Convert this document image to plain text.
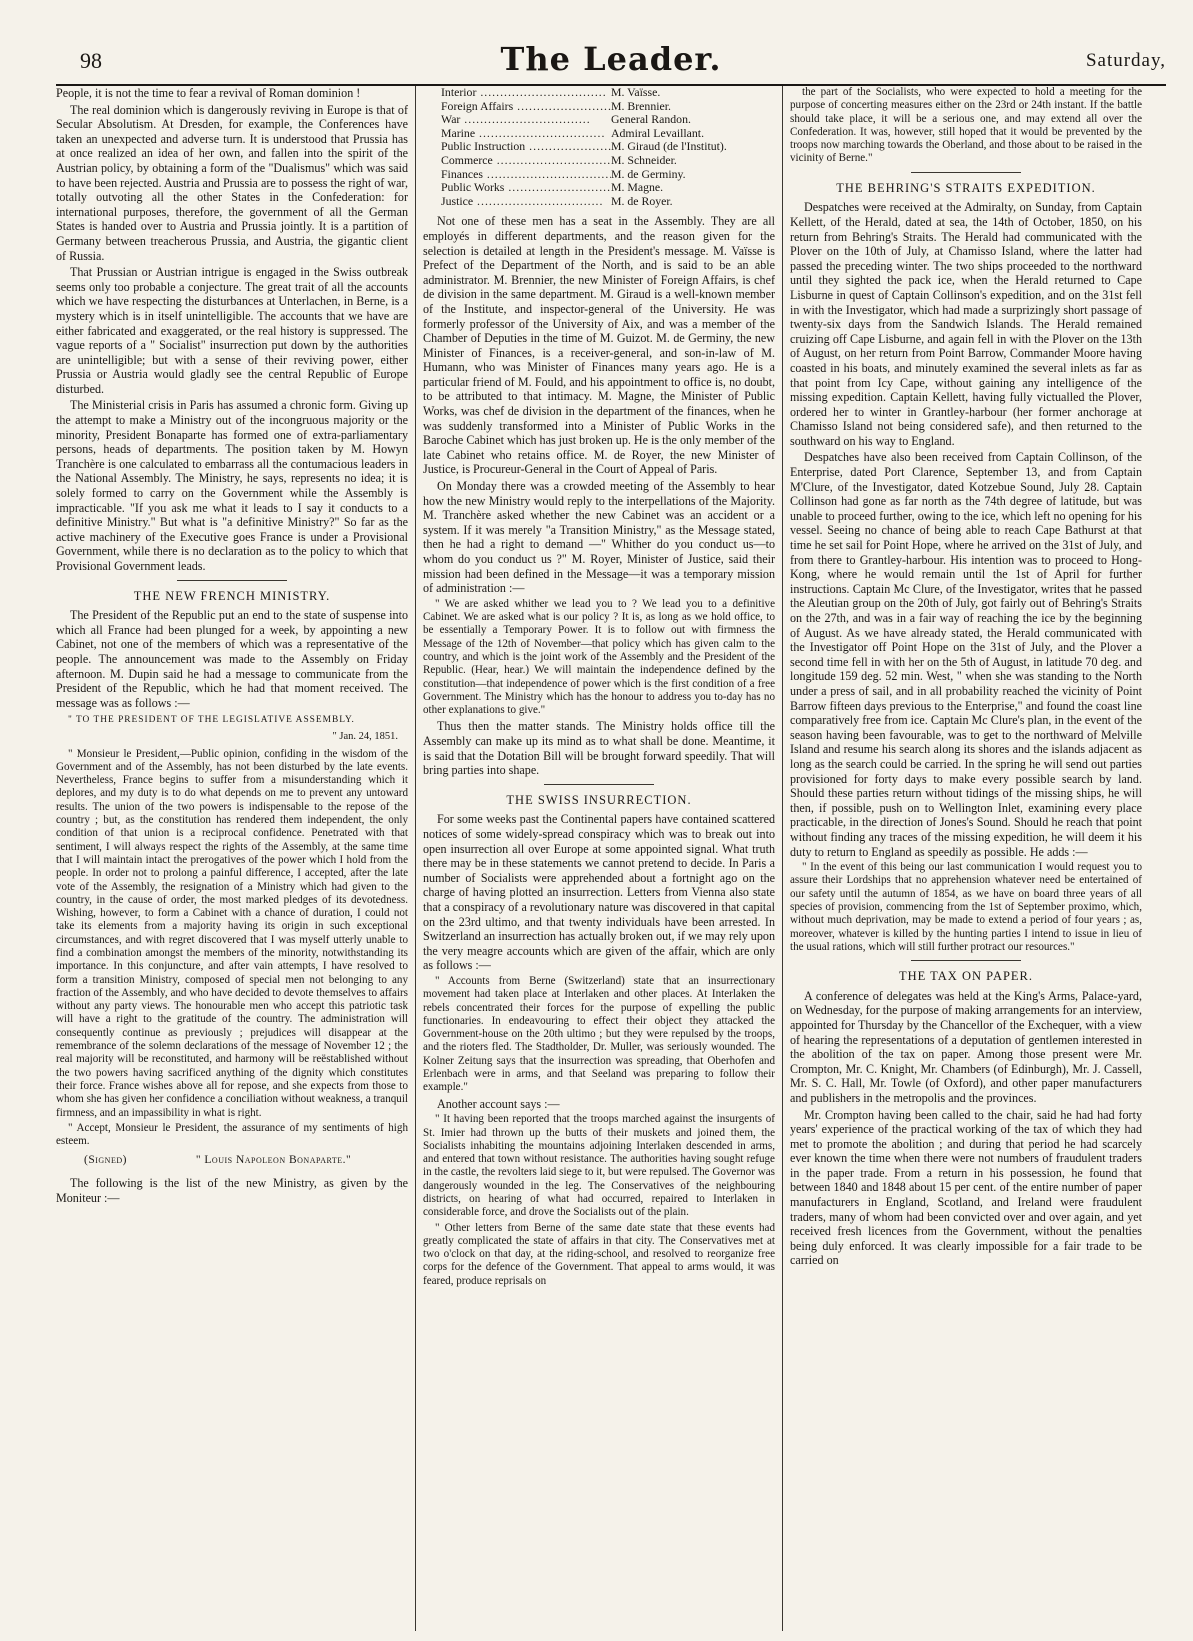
98	The Leader.	Saturday,

People, it is not the time to fear a revival of Roman dominion !

The real dominion which is dangerously reviving in Europe is that of Secular Absolutism. At Dresden, for example, the Conferences have taken an unexpected and adverse turn. It is understood that Prussia has at once realized an idea of her own, and fallen into the spirit of the Austrian policy, by obtaining a form of the "Dualismus" which was said to have been rejected. Austria and Prussia are to possess the right of war, totally outvoting all the other States in the Confederation: for international purposes, therefore, the government of all the German States is handed over to Austria and Prussia jointly. It is a partition of Germany between treacherous Prussia, and Austria, the gigantic client of Russia.

That Prussian or Austrian intrigue is engaged in the Swiss outbreak seems only too probable a conjecture. The great trait of all the accounts which we have respecting the disturbances at Unterlachen, in Berne, is a mystery which is in itself unintelligible. The accounts that we have are either fabricated and exaggerated, or the real history is suppressed. The vague reports of a " Socialist" insurrection put down by the authorities are unintelligible; but with a sense of their reviving power, either Prussia or Austria would gladly see the central Republic of Europe disturbed.

The Ministerial crisis in Paris has assumed a chronic form. Giving up the attempt to make a Ministry out of the incongruous majority or the minority, President Bonaparte has formed one of extra-parliamentary persons, heads of departments. The position taken by M. Howyn Tranchère is one calculated to embarrass all the contumacious leaders in the National Assembly. The Ministry, he says, represents no idea; it is solely formed to carry on the Government while the Assembly is impracticable. "If you ask me what it leads to I say it conducts to a definitive Ministry." But what is "a definitive Ministry?" So far as the active machinery of the Executive goes France is under a Provisional Government, while there is no declaration as to the policy to which that Provisional Government leads.

THE NEW FRENCH MINISTRY.

The President of the Republic put an end to the state of suspense into which all France had been plunged for a week, by appointing a new Cabinet, not one of the members of which was a representative of the people. The announcement was made to the Assembly on Friday afternoon. M. Dupin said he had a message to communicate from the President of the Republic, which he had that moment received. The message was as follows :—

" TO THE PRESIDENT OF THE LEGISLATIVE ASSEMBLY.

" Jan. 24, 1851.

" Monsieur le President,—Public opinion, confiding in the wisdom of the Government and of the Assembly, has not been disturbed by the late events. Nevertheless, France begins to suffer from a misunderstanding which it deplores, and my duty is to do what depends on me to prevent any untoward results. The union of the two powers is indispensable to the repose of the country ; but, as the constitution has rendered them independent, the only condition of that union is a reciprocal confidence. Penetrated with that sentiment, I will always respect the rights of the Assembly, at the same time that I will maintain intact the prerogatives of the power which I hold from the people. In order not to prolong a painful difference, I accepted, after the late vote of the Assembly, the resignation of a Ministry which had given to the country, in the cause of order, the most marked pledges of its devotedness. Wishing, however, to form a Cabinet with a chance of duration, I could not take its elements from a majority having its origin in such exceptional circumstances, and with regret discovered that I was myself utterly unable to find a combination amongst the members of the minority, notwithstanding its importance. In this conjuncture, and after vain attempts, I have resolved to form a transition Ministry, composed of special men not belonging to any fraction of the Assembly, and who have decided to devote themselves to affairs without any party views. The honourable men who accept this patriotic task will have a right to the gratitude of the country. The administration will consequently continue as previously ; prejudices will disappear at the remembrance of the solemn declarations of the message of November 12 ; the real majority will be reconstituted, and harmony will be reëstablished without the two powers having sacrificed anything of the dignity which constitutes their force. France wishes above all for repose, and she expects from those to whom she has given her confidence a conciliation without weakness, a tranquil firmness, and an impassibility in what is right.

" Accept, Monsieur le President, the assurance of my sentiments of high esteem.

(Signed)	" Louis Napoleon Bonaparte."

The following is the list of the new Ministry, as given by the Moniteur :—

Interior .....	M. Vaïsse.
Foreign Affairs .....	M. Brennier.
War .....	General Randon.
Marine .....	Admiral Levaillant.
Public Instruction .....	M. Giraud (de l'Institut).
Commerce .....	M. Schneider.
Finances .....	M. de Germiny.
Public Works .....	M. Magne.
Justice .....	M. de Royer.

Not one of these men has a seat in the Assembly. They are all employés in different departments, and the reason given for the selection is detailed at length in the President's message. M. Vaïsse is Prefect of the Department of the North, and is said to be an able administrator. M. Brennier, the new Minister of Foreign Affairs, is chef de division in the same department. M. Giraud is a well-known member of the Institute, and inspector-general of the University. He was formerly professor of the University of Aix, and was a member of the Chamber of Deputies in the time of M. Guizot. M. de Germiny, the new Minister of Finances, is a receiver-general, and son-in-law of M. Humann, who was Minister of Finances many years ago. He is a particular friend of M. Fould, and his appointment to office is, no doubt, to be attributed to that intimacy. M. Magne, the Minister of Public Works, was chef de division in the department of the finances, when he was suddenly transformed into a Minister of Public Works in the Baroche Cabinet which has just broken up. He is the only member of the late Cabinet who retains office. M. de Royer, the new Minister of Justice, is Procureur-General in the Court of Appeal of Paris.

On Monday there was a crowded meeting of the Assembly to hear how the new Ministry would reply to the interpellations of the Majority. M. Tranchère asked whether the new Cabinet was an accident or a system. If it was merely "a Transition Ministry," as the Message stated, then he had a right to demand —" Whither do you conduct us—to whom do you conduct us ?" M. Royer, Minister of Justice, said their mission had been defined in the Message—it was a temporary mission of administration :—

" We are asked whither we lead you to ? We lead you to a definitive Cabinet. We are asked what is our policy ? It is, as long as we hold office, to be essentially a Temporary Power. It is to follow out with firmness the Message of the 12th of November—that policy which has given calm to the country, and which is the joint work of the Assembly and the President of the Republic. (Hear, hear.) We will maintain the independence defined by the constitution—that independence of power which is the first condition of a free Government. The Ministry which has the honour to address you to-day has no other explanations to give."

Thus then the matter stands. The Ministry holds office till the Assembly can make up its mind as to what shall be done. Meantime, it is said that the Dotation Bill will be brought forward speedily. That will bring parties into shape.

THE SWISS INSURRECTION.

For some weeks past the Continental papers have contained scattered notices of some widely-spread conspiracy which was to break out into open insurrection all over Europe at some appointed signal. What truth there may be in these statements we cannot pretend to decide. In Paris a number of Socialists were apprehended about a fortnight ago on the charge of having plotted an insurrection. Letters from Vienna also state that a conspiracy of a revolutionary nature was discovered in that capital on the 23rd ultimo, and that twenty individuals have been arrested. In Switzerland an insurrection has actually broken out, if we may rely upon the very meagre accounts which are given of the affair, which are only as follows :—

" Accounts from Berne (Switzerland) state that an insurrectionary movement had taken place at Interlaken and other places. At Interlaken the rebels concentrated their forces for the purpose of expelling the public functionaries. In endeavouring to effect their object they attacked the Government-house on the 20th ultimo ; but they were repulsed by the troops, and the rioters fled. The Stadtholder, Dr. Muller, was seriously wounded. The Kolner Zeitung says that the insurrection was spreading, that Oberhofen and Erlenbach were in arms, and that Seeland was preparing to follow their example."

Another account says :—

" It having been reported that the troops marched against the insurgents of St. Imier had thrown up the butts of their muskets and joined them, the Socialists inhabiting the mountains adjoining Interlaken descended in arms, and entered that town without resistance. The authorities having sought refuge in the castle, the revolters laid siege to it, but were repulsed. The Governor was dangerously wounded in the leg. The Conservatives of the neighbouring districts, on hearing of what had occurred, repaired to Interlaken in considerable force, and drove the Socialists out of the plain.

" Other letters from Berne of the same date state that these events had greatly complicated the state of affairs in that city. The Conservatives met at two o'clock on that day, at the riding-school, and resolved to reorganize free corps for the defence of the Government. That appeal to arms would, it was feared, produce reprisals on

the part of the Socialists, who were expected to hold a meeting for the purpose of concerting measures either on the 23rd or 24th instant. If the battle should take place, it will be a serious one, and may extend all over the Confederation. It was, however, still hoped that it would be prevented by the troops now marching towards the Oberland, and those about to be raised in the vicinity of Berne."

THE BEHRING'S STRAITS EXPEDITION.

Despatches were received at the Admiralty, on Sunday, from Captain Kellett, of the Herald, dated at sea, the 14th of October, 1850, on his return from Behring's Straits. The Herald had communicated with the Plover on the 10th of July, at Chamisso Island, where the latter had passed the preceding winter. The two ships proceeded to the northward until they sighted the pack ice, when the Herald returned to Cape Lisburne in quest of Captain Collinson's expedition, and on the 31st fell in with the Investigator, which had made a surprizingly short passage of twenty-six days from the Sandwich Islands. The Herald remained cruizing off Cape Lisburne, and again fell in with the Plover on the 13th of August, on her return from Point Barrow, Commander Moore having coasted in his boats, and minutely examined the several inlets as far as that point from Icy Cape, without gaining any intelligence of the missing expedition. Captain Kellett, having fully victualled the Plover, ordered her to winter in Grantley-harbour (her former anchorage at Chamisso Island not being considered safe), and then returned to the southward on his way to England.

Despatches have also been received from Captain Collinson, of the Enterprise, dated Port Clarence, September 13, and from Captain M'Clure, of the Investigator, dated Kotzebue Sound, July 28. Captain Collinson had gone as far north as the 74th degree of latitude, but was unable to proceed further, owing to the ice, which left no opening for his vessel. Seeing no chance of being able to reach Cape Bathurst at that time he set sail for Point Hope, where he arrived on the 31st of July, and from there to Grantley-harbour. His intention was to proceed to Hong-Kong, where he would remain until the 1st of April for further instructions. Captain Mc Clure, of the Investigator, writes that he passed the Aleutian group on the 20th of July, got fairly out of Behring's Straits on the 27th, and was in a fair way of reaching the ice by the beginning of August. As we have already stated, the Herald communicated with the Investigator off Point Hope on the 31st of July, and the Plover a second time fell in with her on the 5th of August, in latitude 70 deg. and longitude 159 deg. 52 min. West, " when she was standing to the North under a press of sail, and in all probability reached the vicinity of Point Barrow fifteen days previous to the Enterprise," and found the coast line comparatively free from ice. Captain Mc Clure's plan, in the event of the season having been favourable, was to get to the northward of Melville Island and resume his search along its shores and the islands adjacent as long as the search could be carried. In the spring he will send out parties provisioned for forty days to make every possible search by land. Should these parties return without tidings of the missing ships, he will then, if possible, push on to Wellington Inlet, examining every place practicable, in the direction of Jones's Sound. Should he reach that point without finding any traces of the missing expedition, he will deem it his duty to return to England as speedily as possible. He adds :—

" In the event of this being our last communication I would request you to assure their Lordships that no apprehension whatever need be entertained of our safety until the autumn of 1854, as we have on board three years of all species of provision, commencing from the 1st of September proximo, which, without much deprivation, may be made to extend a period of four years ; as, moreover, whatever is killed by the hunting parties I intend to issue in lieu of the usual rations, which will still further protract our resources."

THE TAX ON PAPER.

A conference of delegates was held at the King's Arms, Palace-yard, on Wednesday, for the purpose of making arrangements for an interview, appointed for Thursday by the Chancellor of the Exchequer, with a view of hearing the representations of a deputation of gentlemen interested in the abolition of the tax on paper. Among those present were Mr. Crompton, Mr. C. Knight, Mr. Chambers (of Edinburgh), Mr. J. Cassell, Mr. S. C. Hall, Mr. Towle (of Oxford), and other paper manufacturers and publishers in the metropolis and the provinces.

Mr. Crompton having been called to the chair, said he had had forty years' experience of the practical working of the tax of which they had met to promote the abolition ; and during that period he had scarcely ever known the time when there were not numbers of fraudulent traders in the paper trade. From a return in his possession, he found that between 1840 and 1848 about 15 per cent. of the entire number of paper manufacturers in England, Scotland, and Ireland were fraudulent traders, many of whom had been convicted over and over again, and yet received fresh licences from the Government, without the penalties being duly enforced. It was clearly impossible for a fair trade to be carried on
